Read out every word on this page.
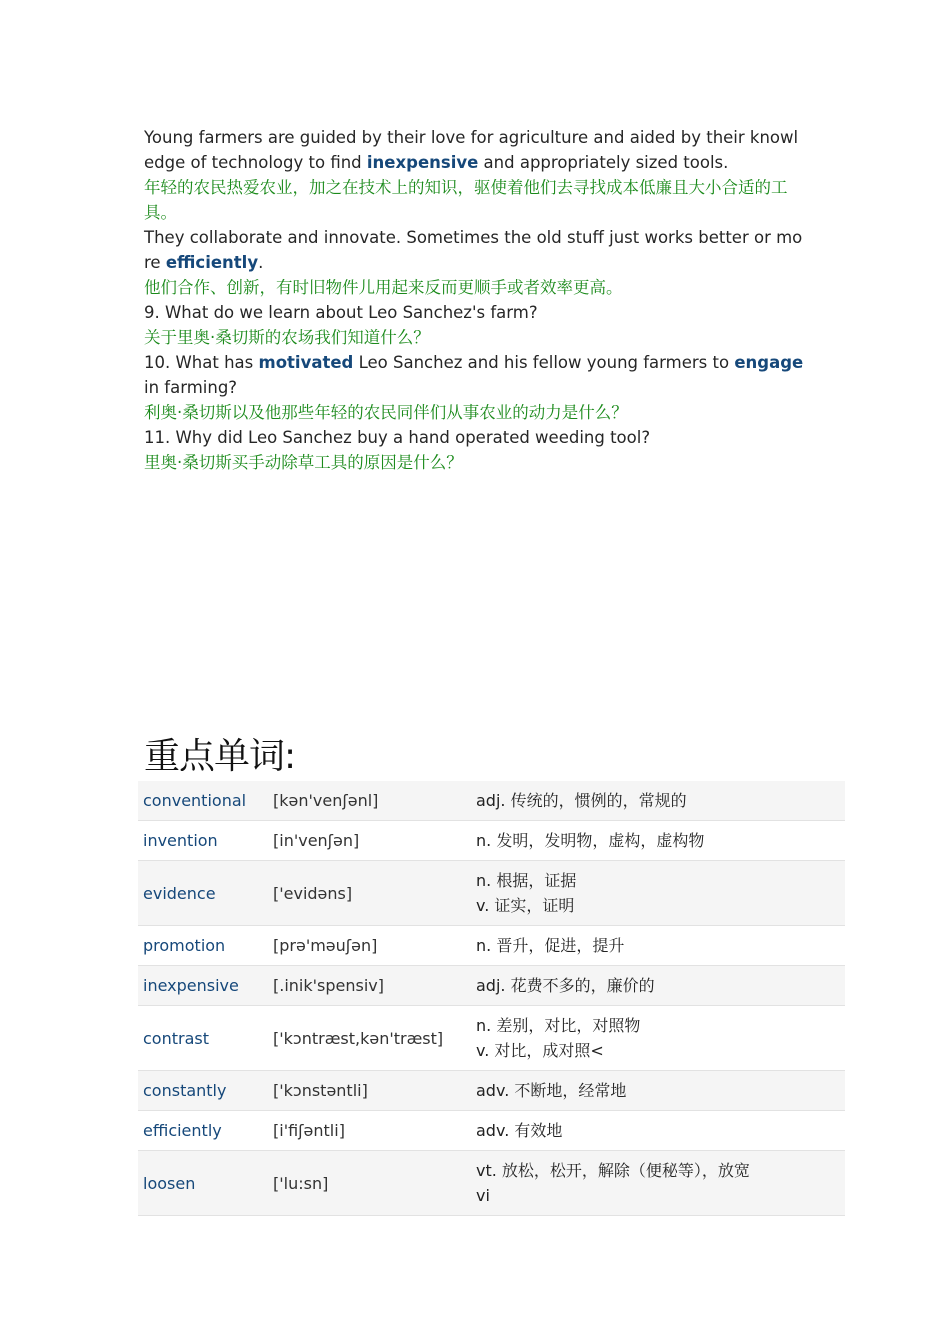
Young farmers are guided by their love for agriculture and aided by their knowledge of technology to find inexpensive and appropriately sized tools.

年轻的农民热爱农业，加之在技术上的知识，驱使着他们去寻找成本低廉且大小合适的工具。

They collaborate and innovate. Sometimes the old stuff just works better or more efficiently.

他们合作、创新，有时旧物件儿用起来反而更顺手或者效率更高。

9. What do we learn about Leo Sanchez's farm?

关于里奥·桑切斯的农场我们知道什么？

10. What has motivated Leo Sanchez and his fellow young farmers to engage in farming?

利奥·桑切斯以及他那些年轻的农民同伴们从事农业的动力是什么？

11. Why did Leo Sanchez buy a hand operated weeding tool?

里奥·桑切斯买手动除草工具的原因是什么？

重点单词:
conventional	[kən'venʃənl]	adj. 传统的，惯例的，常规的

invention	[in'venʃən]	n. 发明，发明物，虚构，虚构物

evidence	['evidəns]	n. 根据，证据
v. 证实，证明

promotion	[prə'məuʃən]	n. 晋升，促进，提升

inexpensive	[.inik'spensiv]	adj. 花费不多的，廉价的

contrast	['kɔntræst,kən'træst]	n. 差别，对比，对照物
v. 对比，成对照<

constantly	['kɔnstəntli]	adv. 不断地，经常地

efficiently	[i'fiʃəntli]	adv. 有效地

loosen	['lu:sn]	vt. 放松，松开，解除（便秘等），放宽
vi
